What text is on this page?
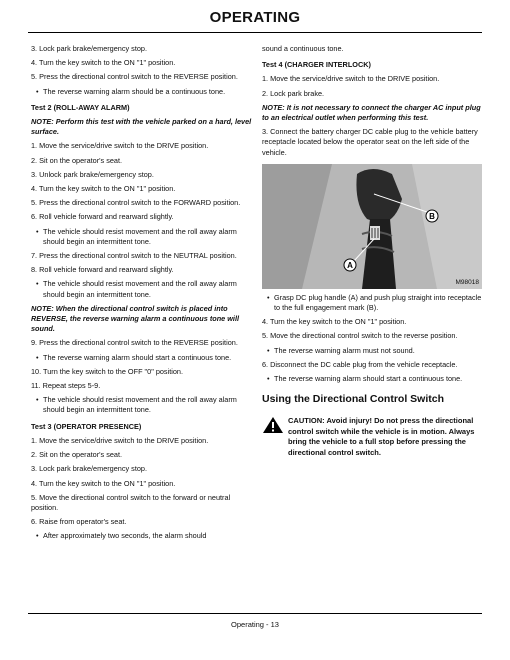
OPERATING

3. Lock park brake/emergency stop.

4. Turn the key switch to the ON "1" position.

5. Press the directional control switch to the REVERSE position.

• The reverse warning alarm should be a continuous tone.

Test 2 (ROLL-AWAY ALARM)

NOTE: Perform this test with the vehicle parked on a hard, level surface.

1. Move the service/drive switch to the DRIVE position.

2. Sit on the operator's seat.

3. Unlock park brake/emergency stop.

4. Turn the key switch to the ON "1" position.

5. Press the directional control switch to the FORWARD position.

6. Roll vehicle forward and rearward slightly.

• The vehicle should resist movement and the roll away alarm should begin an intermittent tone.

7. Press the directional control switch to the NEUTRAL position.

8. Roll vehicle forward and rearward slightly.

• The vehicle should resist movement and the roll away alarm should begin an intermittent tone.

NOTE: When the directional control switch is placed into REVERSE, the reverse warning alarm a continuous tone will sound.

9. Press the directional control switch to the REVERSE position.

• The reverse warning alarm should start a continuous tone.

10. Turn the key switch to the OFF "0" position.

11. Repeat steps 5-9.

• The vehicle should resist movement and the roll away alarm should begin an intermittent tone.

Test 3 (OPERATOR PRESENCE)

1. Move the service/drive switch to the DRIVE position.

2. Sit on the operator's seat.

3. Lock park brake/emergency stop.

4. Turn the key switch to the ON "1" position.

5. Move the directional control switch to the forward or neutral position.

6. Raise from operator's seat.

• After approximately two seconds, the alarm should

sound a continuous tone.

Test 4 (CHARGER INTERLOCK)

1. Move the service/drive switch to the DRIVE position.

2. Lock park brake.

NOTE: It is not necessary to connect the charger AC input plug to an electrical outlet when performing this test.

3. Connect the battery charger DC cable plug to the vehicle battery receptacle located below the operator seat on the left side of the vehicle.

B
A
M98018

• Grasp DC plug handle (A) and push plug straight into receptacle to the full engagement mark (B).

4. Turn the key switch to the ON "1" position.

5. Move the directional control switch to the reverse position.

• The reverse warning alarm must not sound.

6. Disconnect the DC cable plug from the vehicle receptacle.

• The reverse warning alarm should start a continuous tone.

Using the Directional Control Switch
CAUTION: Avoid injury! Do not press the directional control switch while the vehicle is in motion. Always bring the vehicle to a full stop before pressing the directional control switch.
Operating - 13
